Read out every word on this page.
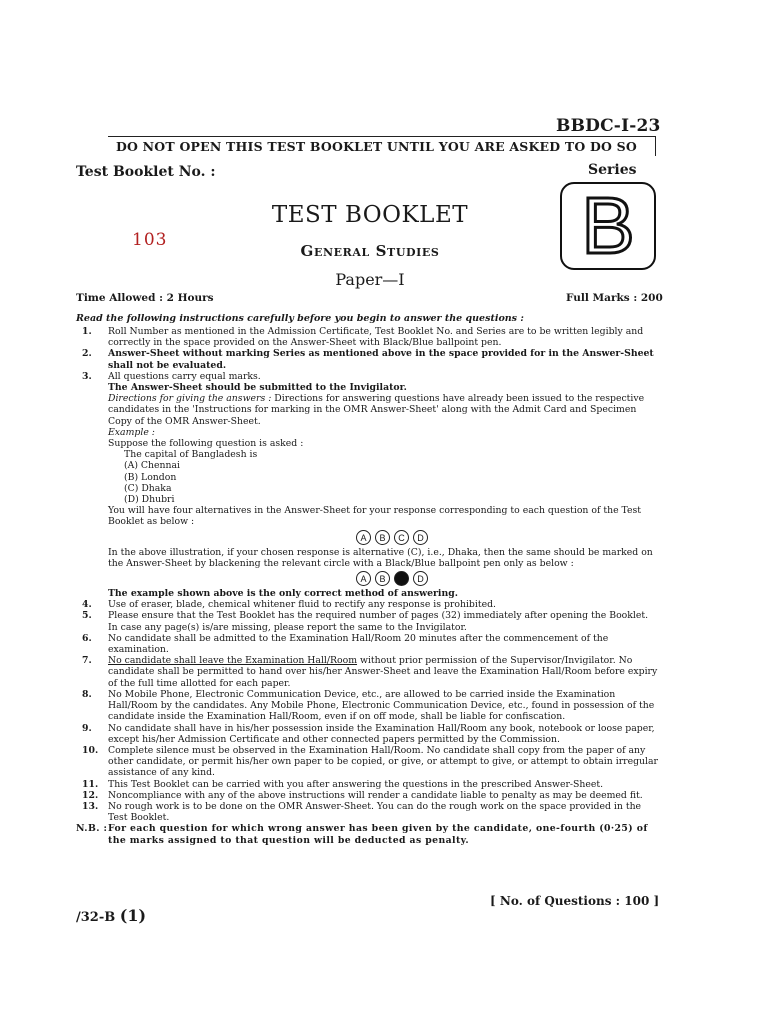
BBDC-I-23
DO NOT OPEN THIS TEST BOOKLET UNTIL YOU ARE ASKED TO DO SO
Test Booklet No. :	Series
B
103
TEST BOOKLET
General Studies
Paper—I
Time Allowed : 2 Hours	Full Marks : 200
Read the following instructions carefully before you begin to answer the questions :
1.	Roll Number as mentioned in the Admission Certificate, Test Booklet No. and Series are to be written legibly and correctly in the space provided on the Answer-Sheet with Black/Blue ballpoint pen.
2.	Answer-Sheet without marking Series as mentioned above in the space provided for in the Answer-Sheet shall not be evaluated.
3.	All questions carry equal marks.
The Answer-Sheet should be submitted to the Invigilator.
Directions for giving the answers : Directions for answering questions have already been issued to the respective candidates in the 'Instructions for marking in the OMR Answer-Sheet' along with the Admit Card and Specimen Copy of the OMR Answer-Sheet.
Example :
Suppose the following question is asked :
The capital of Bangladesh is
(A) Chennai
(B) London
(C) Dhaka
(D) Dhubri
You will have four alternatives in the Answer-Sheet for your response corresponding to each question of the Test Booklet as below :
A	B	C	D
In the above illustration, if your chosen response is alternative (C), i.e., Dhaka, then the same should be marked on the Answer-Sheet by blackening the relevant circle with a Black/Blue ballpoint pen only as below :
A	B	C	D
The example shown above is the only correct method of answering.
4.	Use of eraser, blade, chemical whitener fluid to rectify any response is prohibited.
5.	Please ensure that the Test Booklet has the required number of pages (32) immediately after opening the Booklet. In case any page(s) is/are missing, please report the same to the Invigilator.
6.	No candidate shall be admitted to the Examination Hall/Room 20 minutes after the commencement of the examination.
7.	No candidate shall leave the Examination Hall/Room without prior permission of the Supervisor/Invigilator. No candidate shall be permitted to hand over his/her Answer-Sheet and leave the Examination Hall/Room before expiry of the full time allotted for each paper.
8.	No Mobile Phone, Electronic Communication Device, etc., are allowed to be carried inside the Examination Hall/Room by the candidates. Any Mobile Phone, Electronic Communication Device, etc., found in possession of the candidate inside the Examination Hall/Room, even if on off mode, shall be liable for confiscation.
9.	No candidate shall have in his/her possession inside the Examination Hall/Room any book, notebook or loose paper, except his/her Admission Certificate and other connected papers permitted by the Commission.
10.	Complete silence must be observed in the Examination Hall/Room. No candidate shall copy from the paper of any other candidate, or permit his/her own paper to be copied, or give, or attempt to give, or attempt to obtain irregular assistance of any kind.
11.	This Test Booklet can be carried with you after answering the questions in the prescribed Answer-Sheet.
12.	Noncompliance with any of the above instructions will render a candidate liable to penalty as may be deemed fit.
13.	No rough work is to be done on the OMR Answer-Sheet. You can do the rough work on the space provided in the Test Booklet.
N.B. : For each question for which wrong answer has been given by the candidate, one-fourth (0·25) of the marks assigned to that question will be deducted as penalty.
[ No. of Questions : 100 ]
/32-B (1)
